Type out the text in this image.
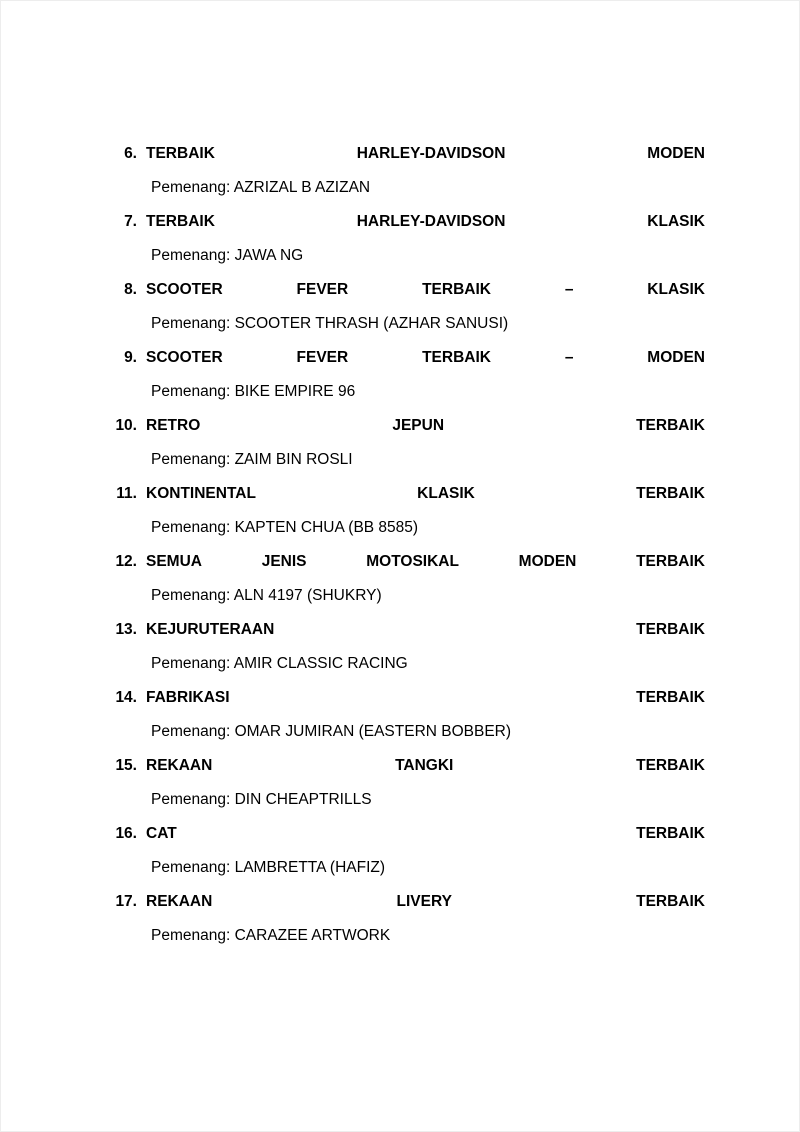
6. TERBAIK	HARLEY-DAVIDSON	MODEN
Pemenang: AZRIZAL B AZIZAN
7. TERBAIK	HARLEY-DAVIDSON	KLASIK
Pemenang: JAWA NG
8. SCOOTER	FEVER	TERBAIK	–	KLASIK
Pemenang: SCOOTER THRASH (AZHAR SANUSI)
9. SCOOTER	FEVER	TERBAIK	–	MODEN
Pemenang: BIKE EMPIRE 96
10. RETRO	JEPUN	TERBAIK
Pemenang: ZAIM BIN ROSLI
11. KONTINENTAL	KLASIK	TERBAIK
Pemenang: KAPTEN CHUA (BB 8585)
12. SEMUA	JENIS	MOTOSIKAL	MODEN	TERBAIK
Pemenang: ALN 4197 (SHUKRY)
13. KEJURUTERAAN	TERBAIK
Pemenang: AMIR CLASSIC RACING
14. FABRIKASI	TERBAIK
Pemenang: OMAR JUMIRAN (EASTERN BOBBER)
15. REKAAN	TANGKI	TERBAIK
Pemenang: DIN CHEAPTRILLS
16. CAT	TERBAIK
Pemenang: LAMBRETTA (HAFIZ)
17. REKAAN	LIVERY	TERBAIK
Pemenang: CARAZEE ARTWORK
